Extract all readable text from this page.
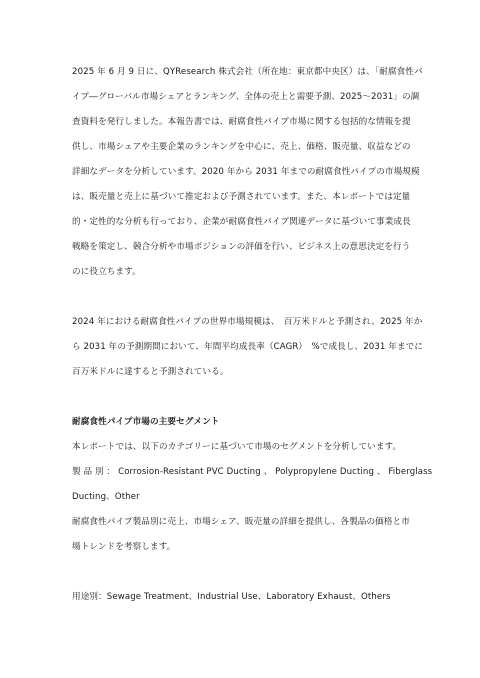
2025 年 6 月 9 日に、QYResearch 株式会社（所在地：東京都中央区）は、「耐腐食性パ
イプ―グローバル市場シェアとランキング、全体の売上と需要予測、2025～2031」の調
査資料を発行しました。本報告書では、耐腐食性パイプ市場に関する包括的な情報を提
供し、市場シェアや主要企業のランキングを中心に、売上、価格、販売量、収益などの
詳細なデータを分析しています。2020 年から 2031 年までの耐腐食性パイプの市場規模
は、販売量と売上に基づいて推定および予測されています。また、本レポートでは定量
的・定性的な分析も行っており、企業が耐腐食性パイプ関連データに基づいて事業成長
戦略を策定し、競合分析や市場ポジションの評価を行い、ビジネス上の意思決定を行う
のに役立ちます。

2024 年における耐腐食性パイプの世界市場規模は、　百万米ドルと予測され、2025 年か
ら 2031 年の予測期間において、年間平均成長率（CAGR）　%で成長し、2031 年までに
百万米ドルに達すると予測されている。

耐腐食性パイプ市場の主要セグメント

本レポートでは、以下のカテゴリーに基づいて市場のセグメントを分析しています。

製 品 別 ： Corrosion-Resistant PVC Ducting 、 Polypropylene Ducting 、 Fiberglass
Ducting、Other

耐腐食性パイプ製品別に売上、市場シェア、販売量の詳細を提供し、各製品の価格と市
場トレンドを考察します。

用途別：Sewage Treatment、Industrial Use、Laboratory Exhaust、Others
